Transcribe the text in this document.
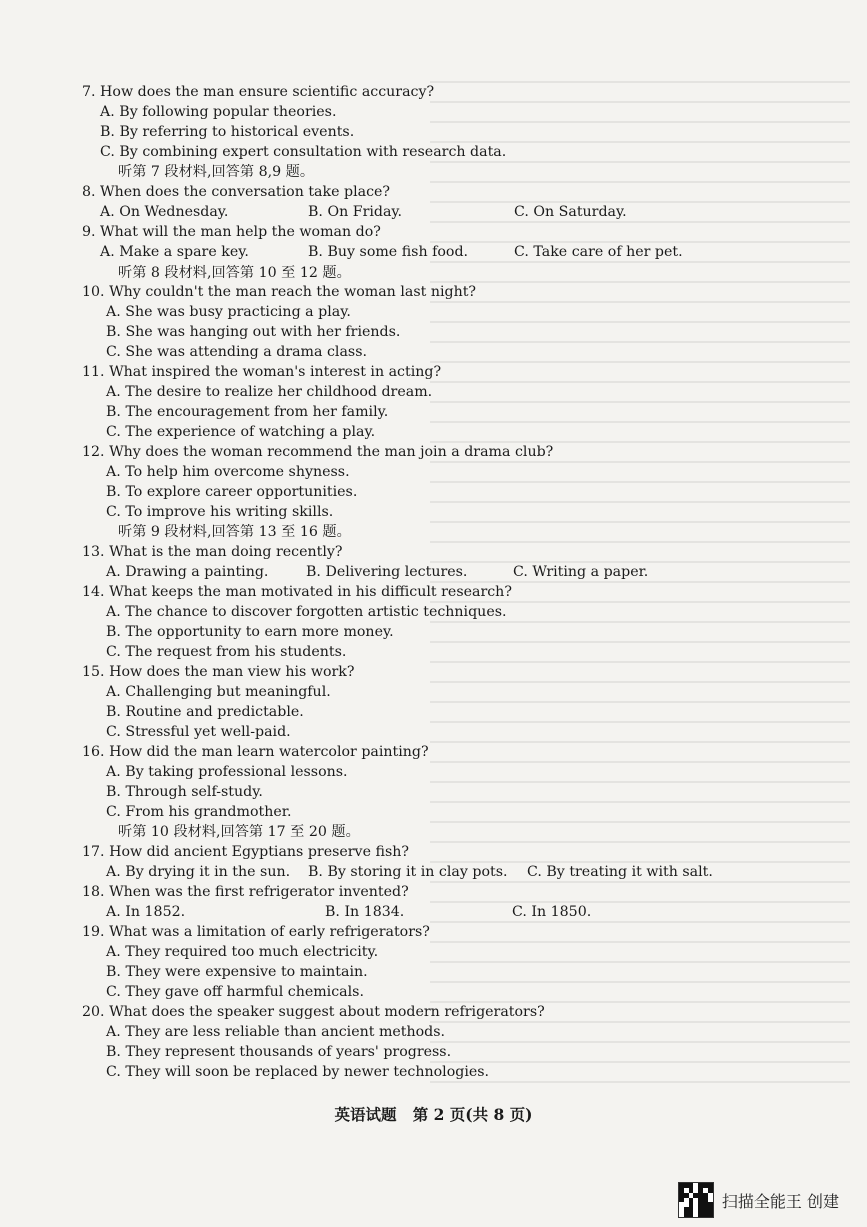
7. How does the man ensure scientific accuracy?
A. By following popular theories.
B. By referring to historical events.
C. By combining expert consultation with research data.
听第 7 段材料,回答第 8,9 题。
8. When does the conversation take place?
9. What will the man help the woman do?
听第 8 段材料,回答第 10 至 12 题。
10. Why couldn't the man reach the woman last night?
A. She was busy practicing a play.
B. She was hanging out with her friends.
C. She was attending a drama class.
11. What inspired the woman's interest in acting?
A. The desire to realize her childhood dream.
B. The encouragement from her family.
C. The experience of watching a play.
12. Why does the woman recommend the man join a drama club?
A. To help him overcome shyness.
B. To explore career opportunities.
C. To improve his writing skills.
听第 9 段材料,回答第 13 至 16 题。
13. What is the man doing recently?
14. What keeps the man motivated in his difficult research?
A. The chance to discover forgotten artistic techniques.
B. The opportunity to earn more money.
C. The request from his students.
15. How does the man view his work?
A. Challenging but meaningful.
B. Routine and predictable.
C. Stressful yet well-paid.
16. How did the man learn watercolor painting?
A. By taking professional lessons.
B. Through self-study.
C. From his grandmother.
听第 10 段材料,回答第 17 至 20 题。
17. How did ancient Egyptians preserve fish?
18. When was the first refrigerator invented?
19. What was a limitation of early refrigerators?
A. They required too much electricity.
B. They were expensive to maintain.
C. They gave off harmful chemicals.
20. What does the speaker suggest about modern refrigerators?
A. They are less reliable than ancient methods.
B. They represent thousands of years' progress.
C. They will soon be replaced by newer technologies.
A. On Wednesday.	B. On Friday.	C. On Saturday.
A. Make a spare key.	B. Buy some fish food.	C. Take care of her pet.
A. Drawing a painting.	B. Delivering lectures.	C. Writing a paper.
A. By drying it in the sun. B. By storing it in clay pots. C. By treating it with salt.
A. In 1852.	B. In 1834.	C. In 1850.
英语试题 第 2 页(共 8 页)
扫描全能王 创建
